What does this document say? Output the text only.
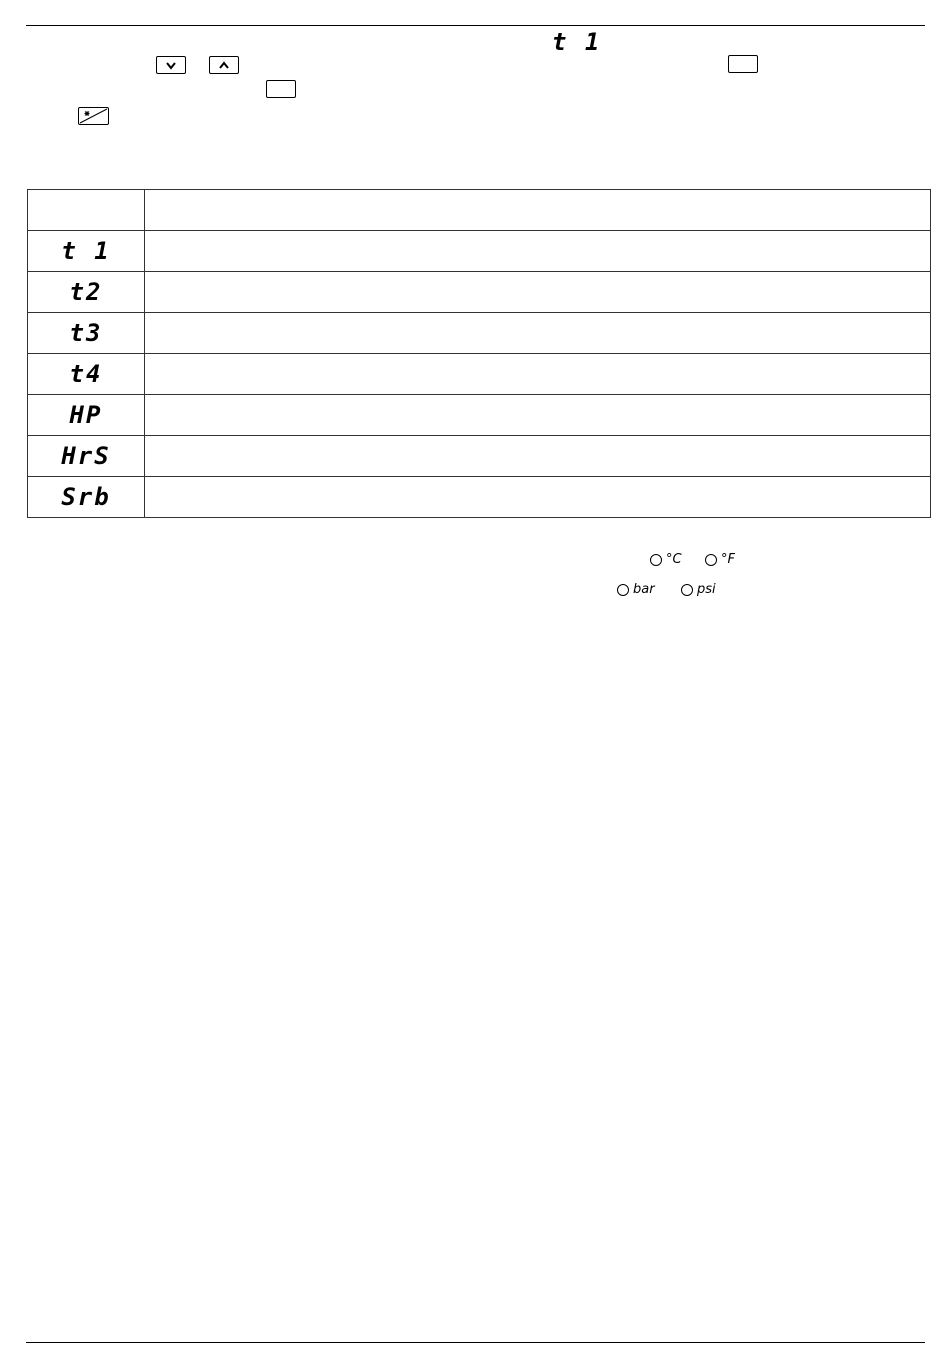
t 1

t 1	
t2	
t3	
t4	
HP	
HrS	
Srb	
°C	°F
bar	psi
